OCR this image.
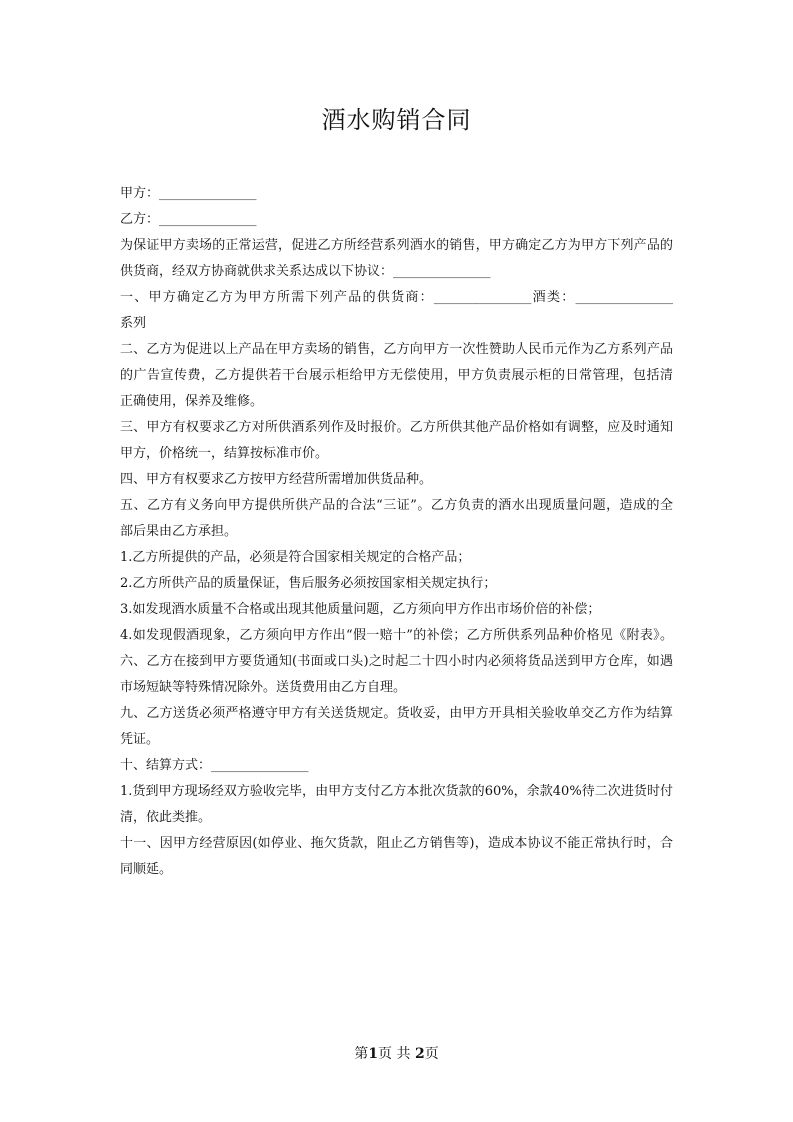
酒水购销合同
甲方：_______________
乙方：_______________
为保证甲方卖场的正常运营，促进乙方所经营系列酒水的销售，甲方确定乙方为甲方下列产品的
供货商，经双方协商就供求关系达成以下协议：_______________
一、甲方确定乙方为甲方所需下列产品的供货商：_______________酒类：_______________
系列
二、乙方为促进以上产品在甲方卖场的销售，乙方向甲方一次性赞助人民币元作为乙方系列产品
的广告宣传费，乙方提供若干台展示柜给甲方无偿使用，甲方负责展示柜的日常管理，包括清
正确使用，保养及维修。
三、甲方有权要求乙方对所供酒系列作及时报价。乙方所供其他产品价格如有调整，应及时通知
甲方，价格统一，结算按标准市价。
四、甲方有权要求乙方按甲方经营所需增加供货品种。
五、乙方有义务向甲方提供所供产品的合法“三证”。乙方负责的酒水出现质量问题，造成的全
部后果由乙方承担。
1.乙方所提供的产品，必须是符合国家相关规定的合格产品；
2.乙方所供产品的质量保证，售后服务必须按国家相关规定执行；
3.如发现酒水质量不合格或出现其他质量问题，乙方须向甲方作出市场价倍的补偿；
4.如发现假酒现象，乙方须向甲方作出“假一赔十”的补偿；乙方所供系列品种价格见《附表》。
六、乙方在接到甲方要货通知(书面或口头)之时起二十四小时内必须将货品送到甲方仓库，如遇
市场短缺等特殊情况除外。送货费用由乙方自理。
九、乙方送货必须严格遵守甲方有关送货规定。货收妥，由甲方开具相关验收单交乙方作为结算
凭证。
十、结算方式：_______________
1.货到甲方现场经双方验收完毕，由甲方支付乙方本批次货款的60%，余款40%待二次进货时付
清，依此类推。
十一、因甲方经营原因(如停业、拖欠货款，阻止乙方销售等)，造成本协议不能正常执行时，合
同顺延。
第1页 共 2页
